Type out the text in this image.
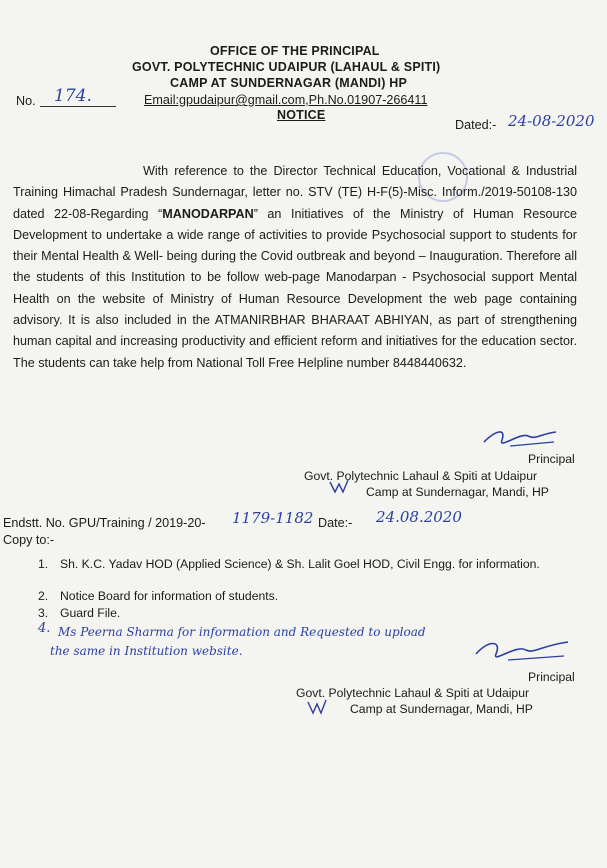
OFFICE OF THE PRINCIPAL
GOVT. POLYTECHNIC UDAIPUR (LAHAUL & SPITI)
CAMP AT SUNDERNAGAR (MANDI) HP
Email:gpudaipur@gmail.com,Ph.No.01907-266411
NOTICE
No. 174.
Dated:- 24-08-2020
With reference to the Director Technical Education, Vocational & Industrial Training Himachal Pradesh Sundernagar, letter no. STV (TE) H-F(5)-Misc. Inform./2019-50108-130 dated 22-08-Regarding “MANODARPAN” an Initiatives of the Ministry of Human Resource Development to undertake a wide range of activities to provide Psychosocial support to students for their Mental Health & Well- being during the Covid outbreak and beyond – Inauguration. Therefore all the students of this Institution to be follow web-page Manodarpan - Psychosocial support Mental Health on the website of Ministry of Human Resource Development the web page containing advisory. It is also included in the ATMANIRBHAR BHARAAT ABHIYAN, as part of strengthening human capital and increasing productivity and efficient reform and initiatives for the education sector. The students can take help from National Toll Free Helpline number 8448440632.
Principal
Govt. Polytechnic Lahaul & Spiti at Udaipur
Camp at Sundernagar, Mandi, HP
Endstt. No. GPU/Training / 2019-20- 1179-1182 Date:- 24.08.2020
Copy to:-
1. Sh. K.C. Yadav HOD (Applied Science) & Sh. Lalit Goel HOD, Civil Engg. for information.
2. Notice Board for information of students.
3. Guard File.
4. Ms Peerna Sharma for information and Requested to upload
the same in Institution website.
Principal
Govt. Polytechnic Lahaul & Spiti at Udaipur
Camp at Sundernagar, Mandi, HP
